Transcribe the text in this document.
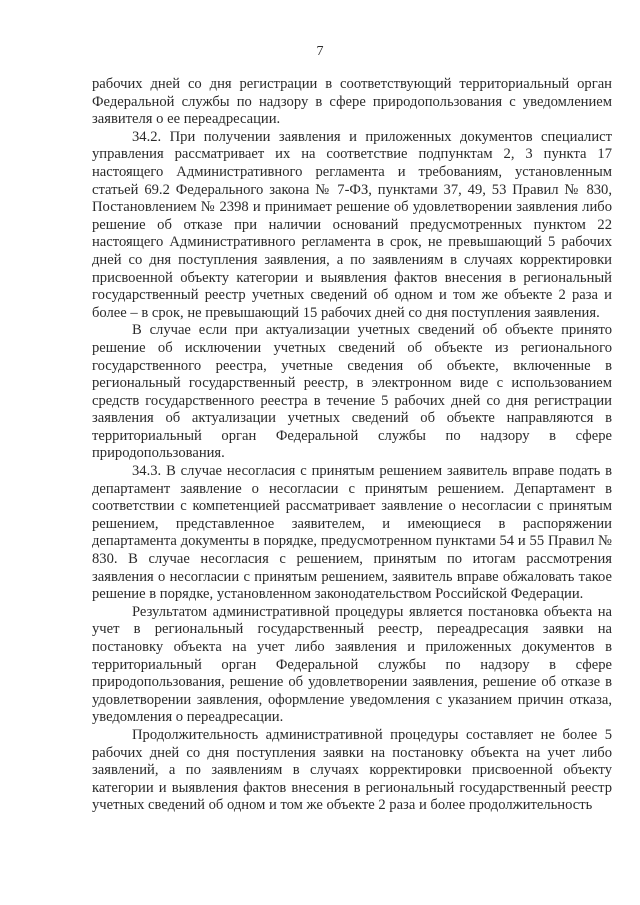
7

рабочих дней со дня регистрации в соответствующий территориальный орган Федеральной службы по надзору в сфере природопользования с уведомлением заявителя о ее переадресации.

34.2. При получении заявления и приложенных документов специалист управления рассматривает их на соответствие подпунктам 2, 3 пункта 17 настоящего Административного регламента и требованиям, установленным статьей 69.2 Федерального закона № 7-ФЗ, пунктами 37, 49, 53 Правил № 830, Постановлением № 2398 и принимает решение об удовлетворении заявления либо решение об отказе при наличии оснований предусмотренных пунктом 22 настоящего Административного регламента в срок, не превышающий 5 рабочих дней со дня поступления заявления, а по заявлениям в случаях корректировки присвоенной объекту категории и выявления фактов внесения в региональный государственный реестр учетных сведений об одном и том же объекте 2 раза и более – в срок, не превышающий 15 рабочих дней со дня поступления заявления.

В случае если при актуализации учетных сведений об объекте принято решение об исключении учетных сведений об объекте из регионального государственного реестра, учетные сведения об объекте, включенные в региональный государственный реестр, в электронном виде с использованием средств государственного реестра в течение 5 рабочих дней со дня регистрации заявления об актуализации учетных сведений об объекте направляются в территориальный орган Федеральной службы по надзору в сфере природопользования.

34.3. В случае несогласия с принятым решением заявитель вправе подать в департамент заявление о несогласии с принятым решением. Департамент в соответствии с компетенцией рассматривает заявление о несогласии с принятым решением, представленное заявителем, и имеющиеся в распоряжении департамента документы в порядке, предусмотренном пунктами 54 и 55 Правил № 830. В случае несогласия с решением, принятым по итогам рассмотрения заявления о несогласии с принятым решением, заявитель вправе обжаловать такое решение в порядке, установленном законодательством Российской Федерации.

Результатом административной процедуры является постановка объекта на учет в региональный государственный реестр, переадресация заявки на постановку объекта на учет либо заявления и приложенных документов в территориальный орган Федеральной службы по надзору в сфере природопользования, решение об удовлетворении заявления, решение об отказе в удовлетворении заявления, оформление уведомления с указанием причин отказа, уведомления о переадресации.

Продолжительность административной процедуры составляет не более 5 рабочих дней со дня поступления заявки на постановку объекта на учет либо заявлений, а по заявлениям в случаях корректировки присвоенной объекту категории и выявления фактов внесения в региональный государственный реестр учетных сведений об одном и том же объекте 2 раза и более продолжительность
